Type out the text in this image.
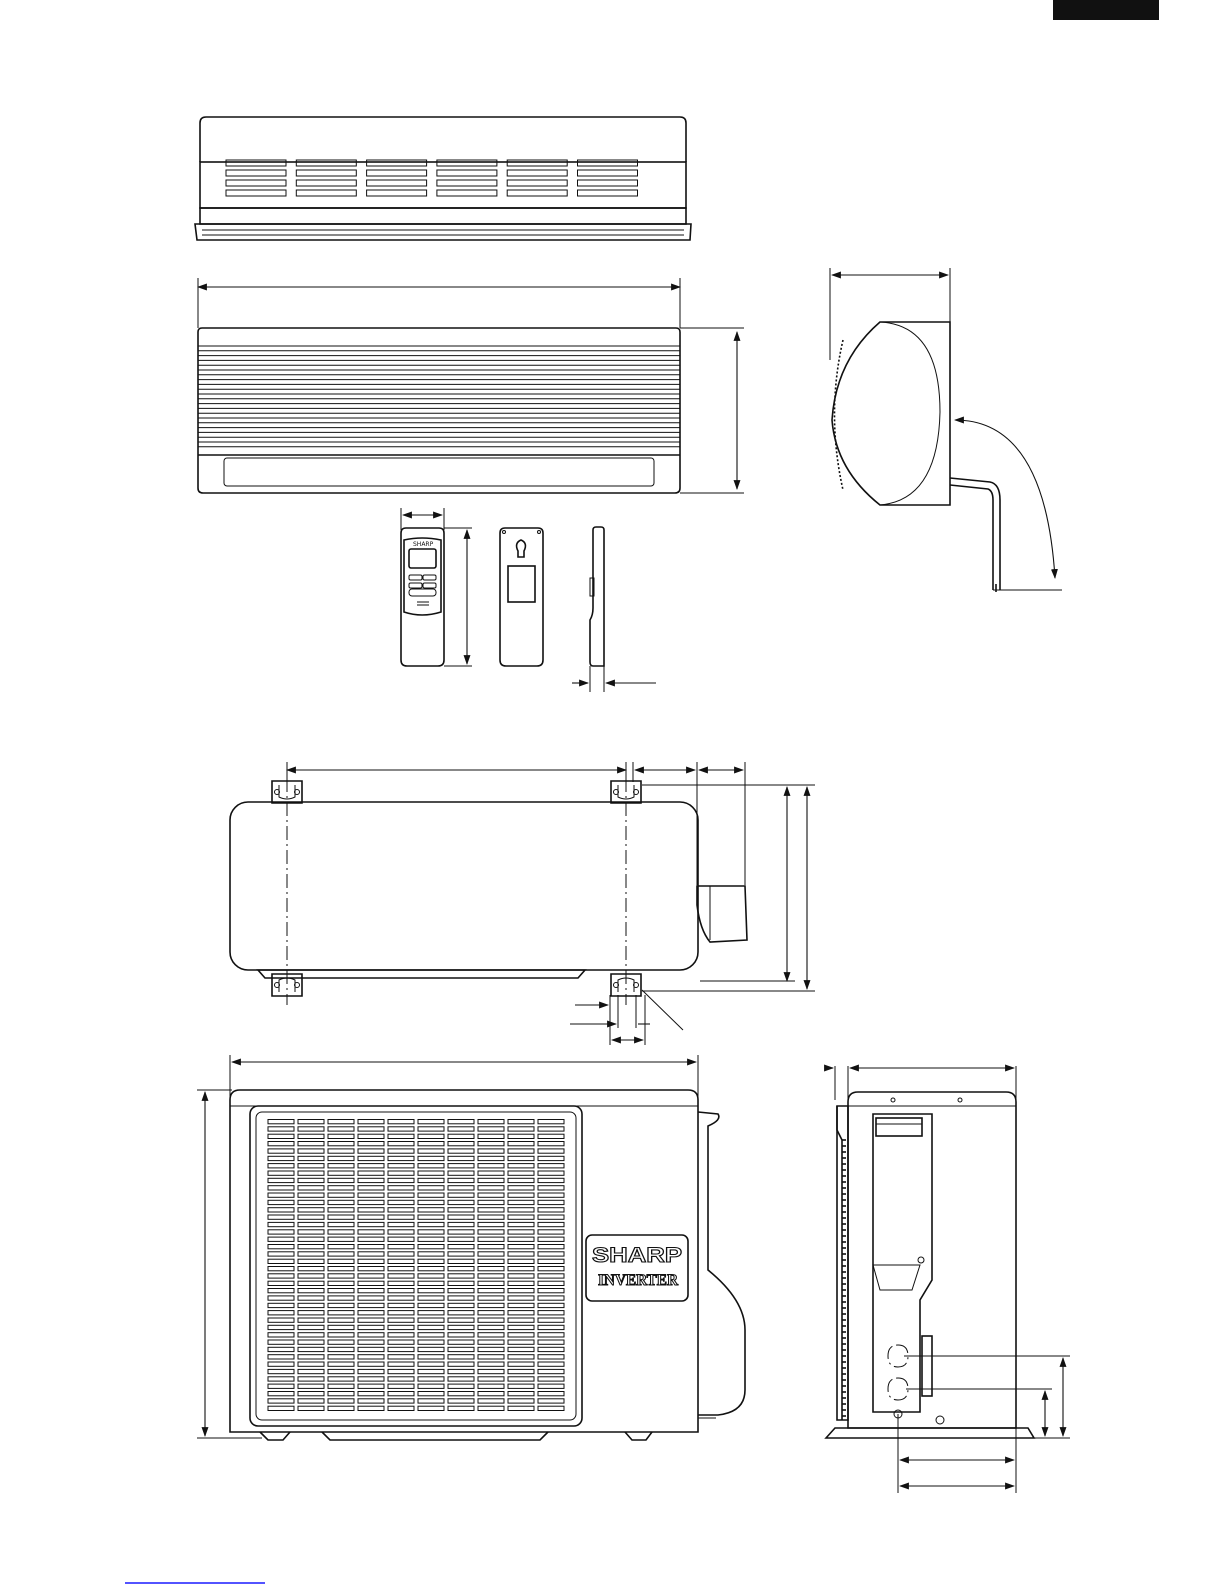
SHARP
SHARP
INVERTER
